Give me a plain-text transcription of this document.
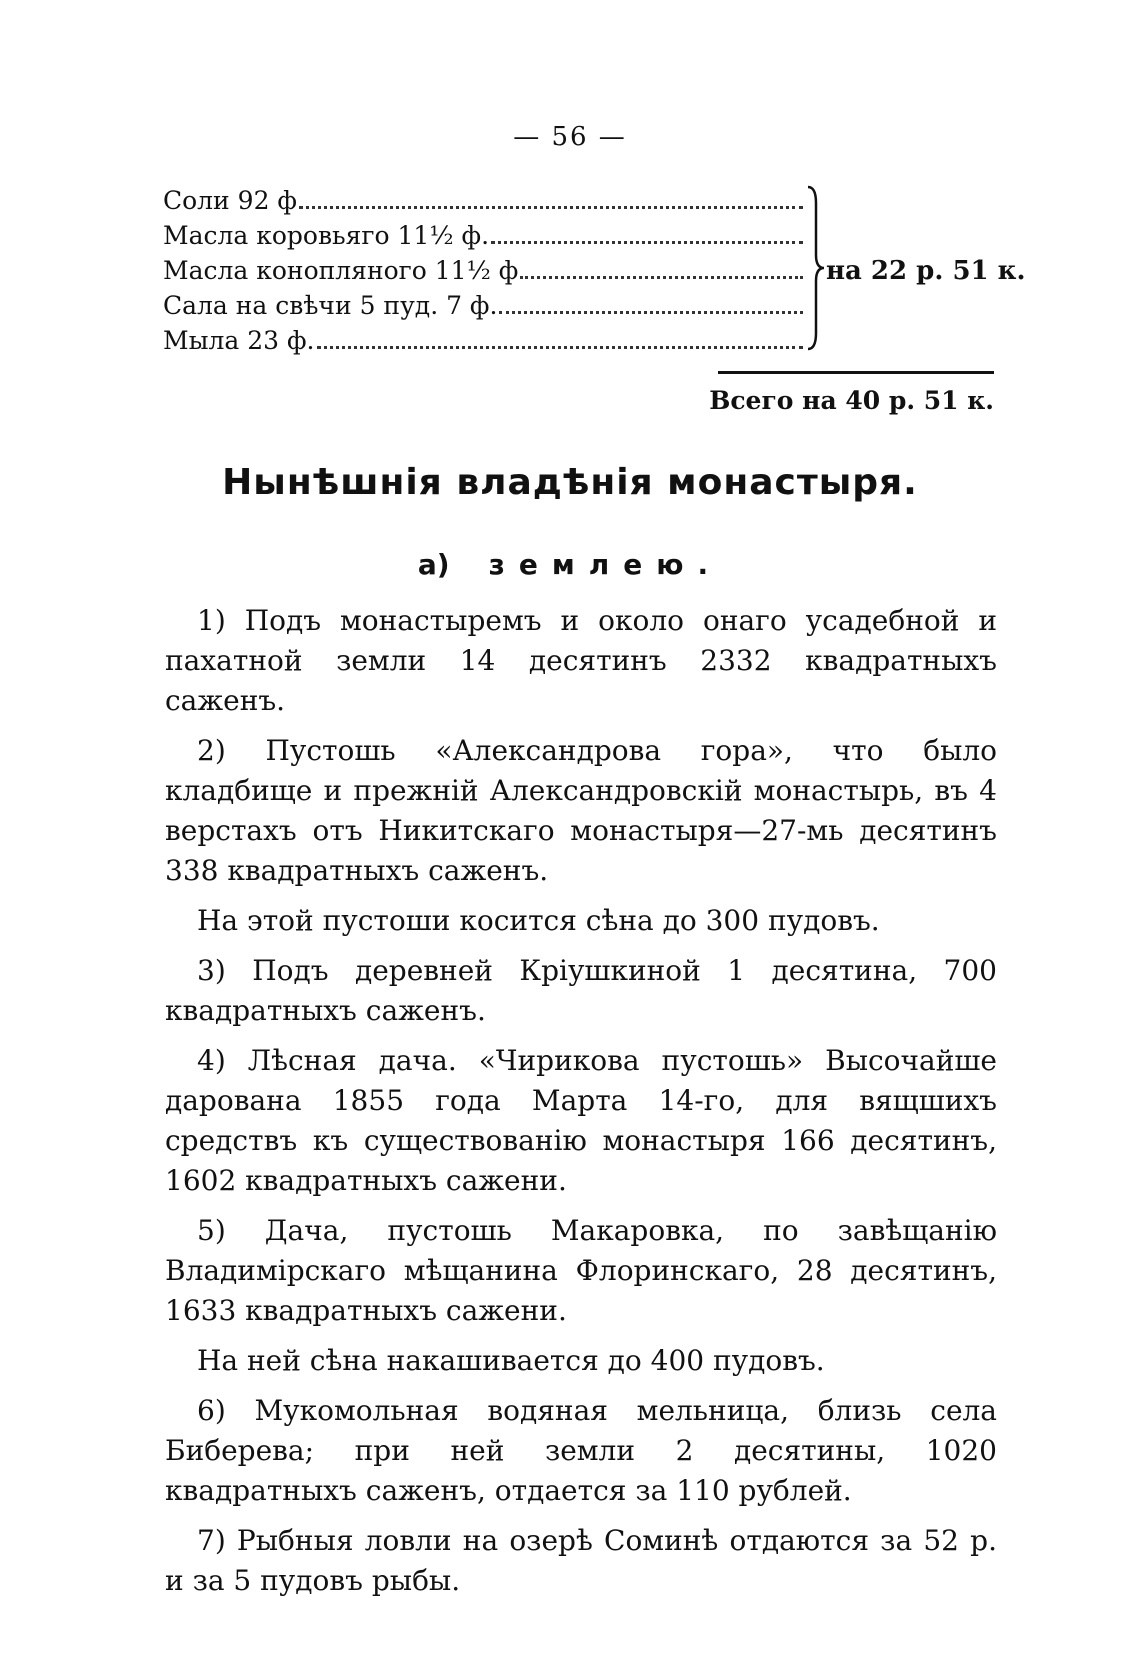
— 56 —
Соли 92 ф
Масла коровьяго 11½ ф.
Масла конопляного 11½ ф
Сала на свѣчи 5 пуд. 7 ф.
Мыла 23 ф.
на 22 р. 51 к.
Всего на 40 р. 51 к.
Нынѣшнія владѣнія монастыря.
а) землею.

1) Подъ монастыремъ и около онаго усадебной и пахатной земли 14 десятинъ 2332 квадратныхъ саженъ.

2) Пустошь «Александрова гора», что было кладбище и прежній Александровскій монастырь, въ 4 верстахъ отъ Никитскаго монастыря—27-мь десятинъ 338 квадратныхъ саженъ.

На этой пустоши косится сѣна до 300 пудовъ.

3) Подъ деревней Кріушкиной 1 десятина, 700 квадратныхъ саженъ.

4) Лѣсная дача. «Чирикова пустошь» Высочайше дарована 1855 года Марта 14-го, для вящшихъ средствъ къ существованію монастыря 166 десятинъ, 1602 квадратныхъ сажени.

5) Дача, пустошь Макаровка, по завѣщанію Владимірскаго мѣщанина Флоринскаго, 28 десятинъ, 1633 квадратныхъ сажени.

На ней сѣна накашивается до 400 пудовъ.

6) Мукомольная водяная мельница, близь села Биберева; при ней земли 2 десятины, 1020 квадратныхъ саженъ, отдается за 110 рублей.

7) Рыбныя ловли на озерѣ Соминѣ отдаются за 52 р. и за 5 пудовъ рыбы.
